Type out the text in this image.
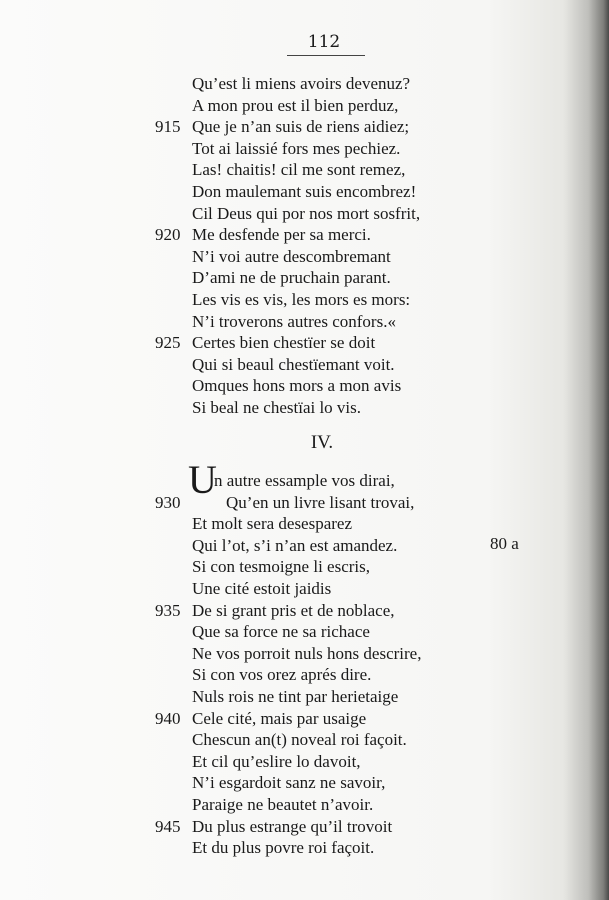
112
Qu’est li miens avoirs devenuz?
A mon prou est il bien perduz,
915 Que je n’an suis de riens aidiez;
Tot ai laissié fors mes pechiez.
Las! chaitis! cil me sont remez,
Don maulemant suis encombrez!
Cil Deus qui por nos mort sosfrit,
920 Me desfende per sa merci.
N’i voi autre descombremant
D’ami ne de pruchain parant.
Les vis es vis, les mors es mors:
N’i troverons autres confors.«
925 Certes bien chestïer se doit
Qui si beaul chestïemant voit.
Omques hons mors a mon avis
Si beal ne chestïai lo vis.
IV.
U
n autre essample vos dirai,
930	Qu’en un livre lisant trovai,
Et molt sera desesparez
Qui l’ot, s’i n’an est amandez.
Si con tesmoigne li escris,
Une cité estoit jaidis
935 De si grant pris et de noblace,
Que sa force ne sa richace
Ne vos porroit nuls hons descrire,
Si con vos orez aprés dire.
Nuls rois ne tint par herietaige
940 Cele cité, mais par usaige
Chescun an(t) noveal roi façoit.
Et cil qu’eslire lo davoit,
N’i esgardoit sanz ne savoir,
Paraige ne beautet n’avoir.
945 Du plus estrange qu’il trovoit
Et du plus povre roi façoit.
80 a
